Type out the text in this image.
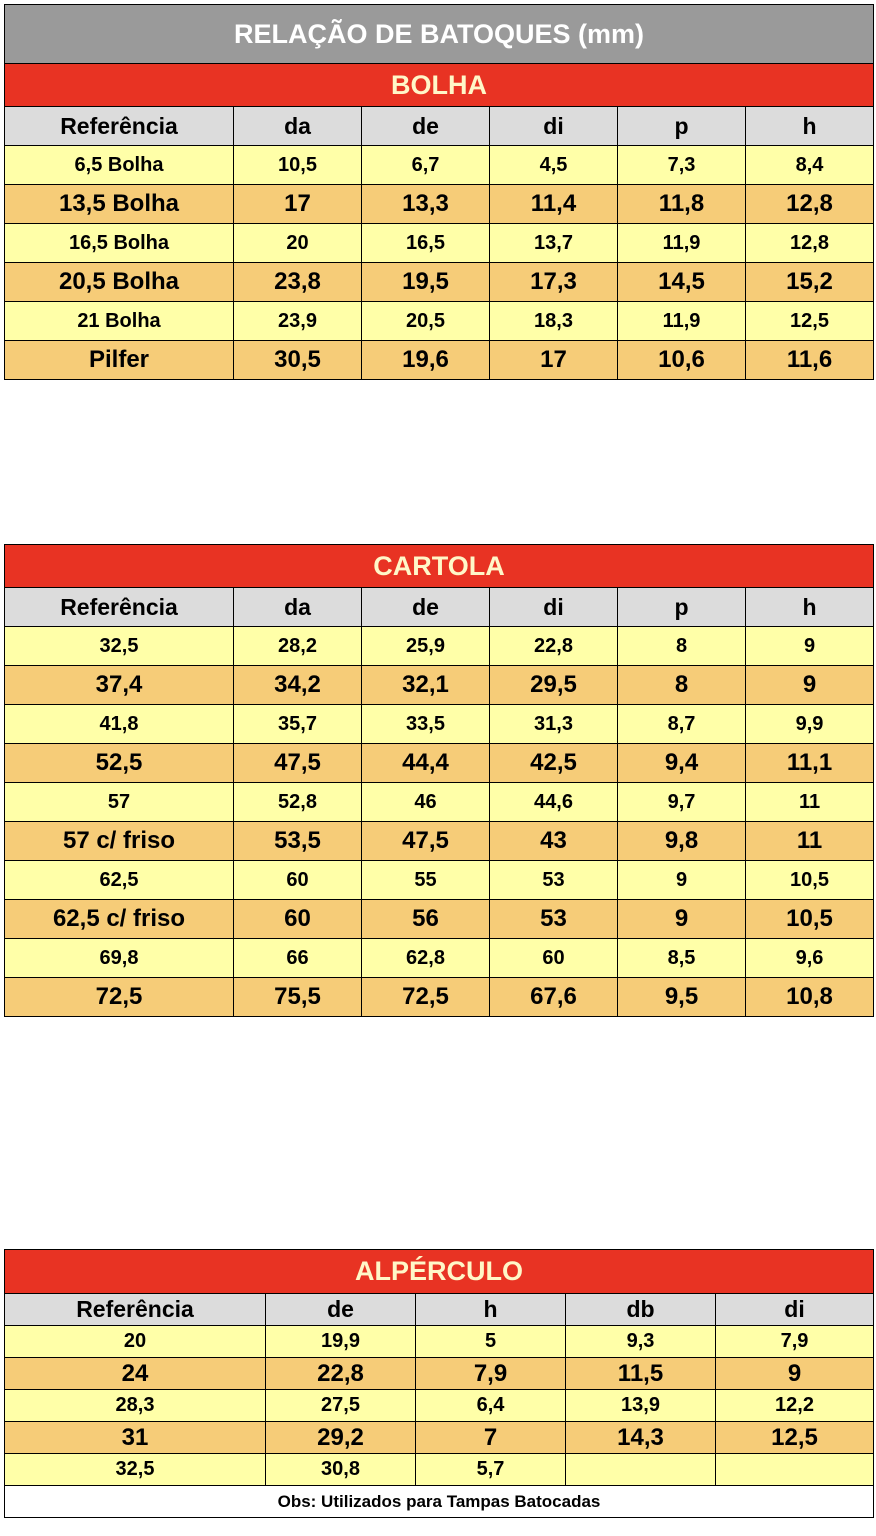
RELAÇÃO DE BATOQUES (mm)					
BOLHA					
Referência	da	de	di	p	h
6,5 Bolha	10,5	6,7	4,5	7,3	8,4
13,5 Bolha	17	13,3	11,4	11,8	12,8
16,5 Bolha	20	16,5	13,7	11,9	12,8
20,5 Bolha	23,8	19,5	17,3	14,5	15,2
21 Bolha	23,9	20,5	18,3	11,9	12,5
Pilfer	30,5	19,6	17	10,6	11,6
CARTOLA					
Referência	da	de	di	p	h
32,5	28,2	25,9	22,8	8	9
37,4	34,2	32,1	29,5	8	9
41,8	35,7	33,5	31,3	8,7	9,9
52,5	47,5	44,4	42,5	9,4	11,1
57	52,8	46	44,6	9,7	11
57 c/ friso	53,5	47,5	43	9,8	11
62,5	60	55	53	9	10,5
62,5 c/ friso	60	56	53	9	10,5
69,8	66	62,8	60	8,5	9,6
72,5	75,5	72,5	67,6	9,5	10,8
ALPÉRCULO				
Referência	de	h	db	di
20	19,9	5	9,3	7,9
24	22,8	7,9	11,5	9
28,3	27,5	6,4	13,9	12,2
31	29,2	7	14,3	12,5
32,5	30,8	5,7		
Obs: Utilizados para Tampas Batocadas				
